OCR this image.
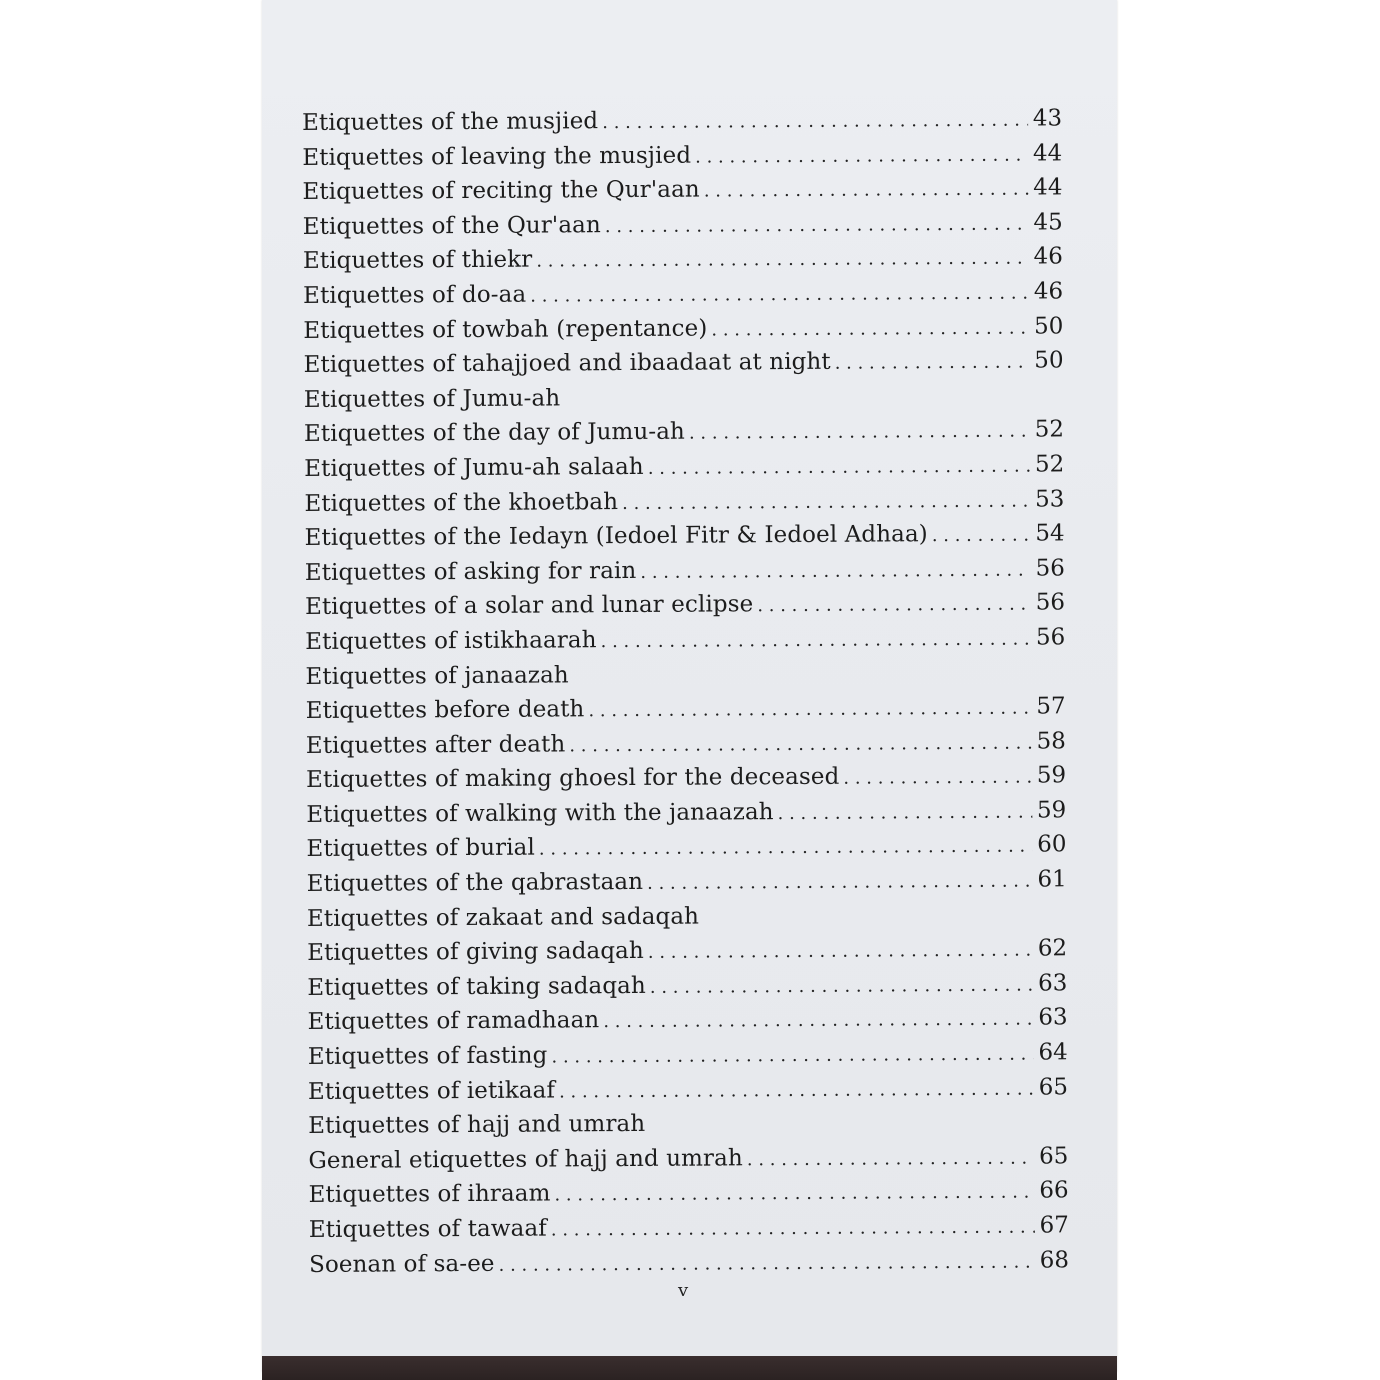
Etiquettes of the musjied . . .	43
Etiquettes of leaving the musjied . . .	44
Etiquettes of reciting the Qur'aan . . .	44
Etiquettes of the Qur'aan . . .	45
Etiquettes of thiekr . . .	46
Etiquettes of do-aa . . .	46
Etiquettes of towbah (repentance) . . .	50
Etiquettes of tahajjoed and ibaadaat at night . . .	50
Etiquettes of Jumu-ah
Etiquettes of the day of Jumu-ah . . .	52
Etiquettes of Jumu-ah salaah . . .	52
Etiquettes of the khoetbah . . .	53
Etiquettes of the Iedayn (Iedoel Fitr & Iedoel Adhaa) . . .	54
Etiquettes of asking for rain . . .	56
Etiquettes of a solar and lunar eclipse . . .	56
Etiquettes of istikhaarah . . .	56
Etiquettes of janaazah
Etiquettes before death . . .	57
Etiquettes after death . . .	58
Etiquettes of making ghoesl for the deceased . . .	59
Etiquettes of walking with the janaazah . . .	59
Etiquettes of burial . . .	60
Etiquettes of the qabrastaan . . .	61
Etiquettes of zakaat and sadaqah
Etiquettes of giving sadaqah . . .	62
Etiquettes of taking sadaqah . . .	63
Etiquettes of ramadhaan . . .	63
Etiquettes of fasting . . .	64
Etiquettes of ietikaaf . . .	65
Etiquettes of hajj and umrah
General etiquettes of hajj and umrah . . .	65
Etiquettes of ihraam . . .	66
Etiquettes of tawaaf . . .	67
Soenan of sa-ee . . .	68
v
